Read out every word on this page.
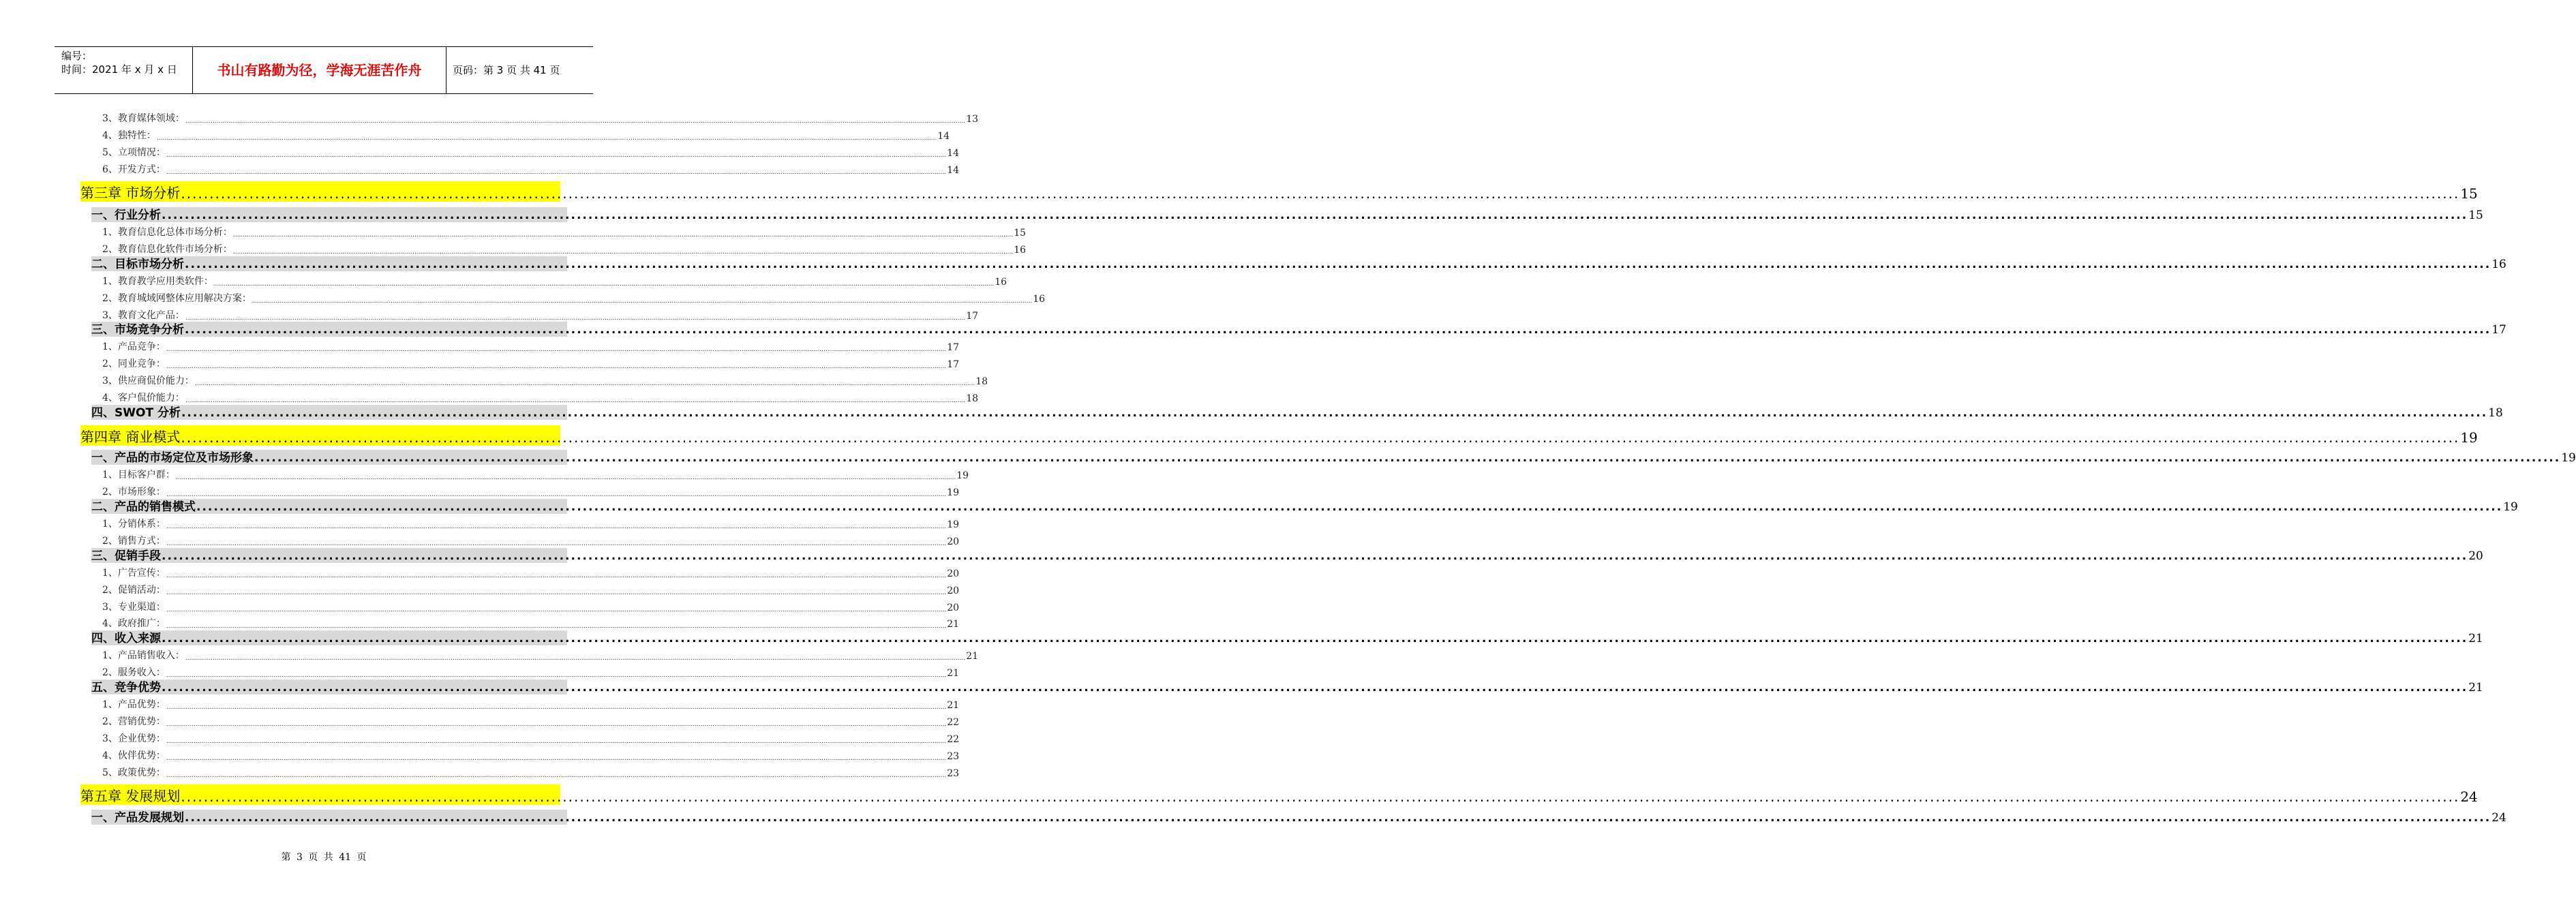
编号：
时间：2021 年 x 月 x 日	书山有路勤为径，学海无涯苦作舟	页码：第 3 页 共 41 页
3、教育媒体领域： ................................................................................................................................................................................................................................................................................................................................................................................................................ 13
4、独特性： ................................................................................................................................................................................................................................................................................................................................................................................................................ 14
5、立项情况： ................................................................................................................................................................................................................................................................................................................................................................................................................ 14
6、开发方式： ................................................................................................................................................................................................................................................................................................................................................................................................................ 14
第三章 市场分析 ................................................................................................................................................................................................................................................................................................................................................................................................................ 15
一、行业分析 ................................................................................................................................................................................................................................................................................................................................................................................................................ 15
1、教育信息化总体市场分析： ................................................................................................................................................................................................................................................................................................................................................................................................................ 15
2、教育信息化软件市场分析： ................................................................................................................................................................................................................................................................................................................................................................................................................ 16
二、目标市场分析 ................................................................................................................................................................................................................................................................................................................................................................................................................ 16
1、教育教学应用类软件： ................................................................................................................................................................................................................................................................................................................................................................................................................ 16
2、教育城域网整体应用解决方案： ................................................................................................................................................................................................................................................................................................................................................................................................................ 16
3、教育文化产品： ................................................................................................................................................................................................................................................................................................................................................................................................................ 17
三、市场竞争分析 ................................................................................................................................................................................................................................................................................................................................................................................................................ 17
1、产品竞争： ................................................................................................................................................................................................................................................................................................................................................................................................................ 17
2、同业竞争： ................................................................................................................................................................................................................................................................................................................................................................................................................ 17
3、供应商侃价能力： ................................................................................................................................................................................................................................................................................................................................................................................................................ 18
4、客户侃价能力： ................................................................................................................................................................................................................................................................................................................................................................................................................ 18
四、SWOT 分析 ................................................................................................................................................................................................................................................................................................................................................................................................................ 18
第四章 商业模式 ................................................................................................................................................................................................................................................................................................................................................................................................................ 19
一、产品的市场定位及市场形象 ................................................................................................................................................................................................................................................................................................................................................................................................................ 19
1、目标客户群： ................................................................................................................................................................................................................................................................................................................................................................................................................ 19
2、市场形象： ................................................................................................................................................................................................................................................................................................................................................................................................................ 19
二、产品的销售模式 ................................................................................................................................................................................................................................................................................................................................................................................................................ 19
1、分销体系： ................................................................................................................................................................................................................................................................................................................................................................................................................ 19
2、销售方式： ................................................................................................................................................................................................................................................................................................................................................................................................................ 20
三、促销手段 ................................................................................................................................................................................................................................................................................................................................................................................................................ 20
1、广告宣传： ................................................................................................................................................................................................................................................................................................................................................................................................................ 20
2、促销活动： ................................................................................................................................................................................................................................................................................................................................................................................................................ 20
3、专业渠道： ................................................................................................................................................................................................................................................................................................................................................................................................................ 20
4、政府推广： ................................................................................................................................................................................................................................................................................................................................................................................................................ 21
四、收入来源 ................................................................................................................................................................................................................................................................................................................................................................................................................ 21
1、产品销售收入： ................................................................................................................................................................................................................................................................................................................................................................................................................ 21
2、服务收入： ................................................................................................................................................................................................................................................................................................................................................................................................................ 21
五、竞争优势 ................................................................................................................................................................................................................................................................................................................................................................................................................ 21
1、产品优势： ................................................................................................................................................................................................................................................................................................................................................................................................................ 21
2、营销优势： ................................................................................................................................................................................................................................................................................................................................................................................................................ 22
3、企业优势： ................................................................................................................................................................................................................................................................................................................................................................................................................ 22
4、伙伴优势： ................................................................................................................................................................................................................................................................................................................................................................................................................ 23
5、政策优势： ................................................................................................................................................................................................................................................................................................................................................................................................................ 23
第五章 发展规划 ................................................................................................................................................................................................................................................................................................................................................................................................................ 24
一、产品发展规划 ................................................................................................................................................................................................................................................................................................................................................................................................................ 24
第 3 页 共 41 页
